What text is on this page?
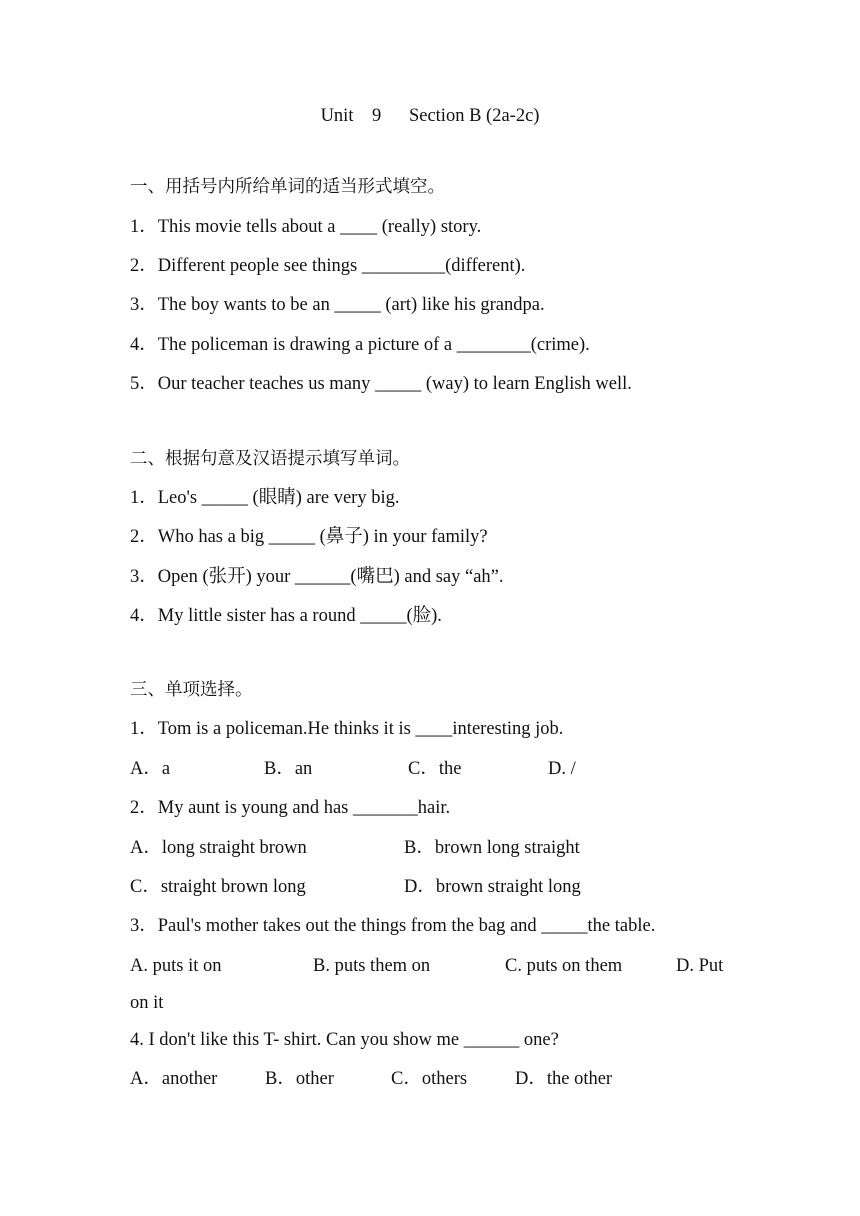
Unit    9      Section B (2a-2c)
一、用括号内所给单词的适当形式填空。
1．This movie tells about a ____ (really) story.
2．Different people see things _________(different).
3．The boy wants to be an _____ (art) like his grandpa.
4．The policeman is drawing a picture of a ________(crime).
5．Our teacher teaches us many _____ (way) to learn English well.
二、根据句意及汉语提示填写单词。
1．Leo's _____ (眼睛) are very big.
2．Who has a big _____ (鼻子) in your family?
3．Open (张开) your ______(嘴巴) and say “ah”.
4．My little sister has a round _____(脸).
三、单项选择。
1．Tom is a policeman.He thinks it is ____interesting job.
A．a	B．an	C．the	D. /
2．My aunt is young and has _______hair.
A．long straight brown	B．brown long straight
C．straight brown long	D．brown straight long
3．Paul's mother takes out the things from the bag and _____the table.
A. puts it on	B. puts them on	C. puts on them	D. Put
on it
4. I don't like this T- shirt. Can you show me ______ one?
A．another	B．other	C．others	D．the other
